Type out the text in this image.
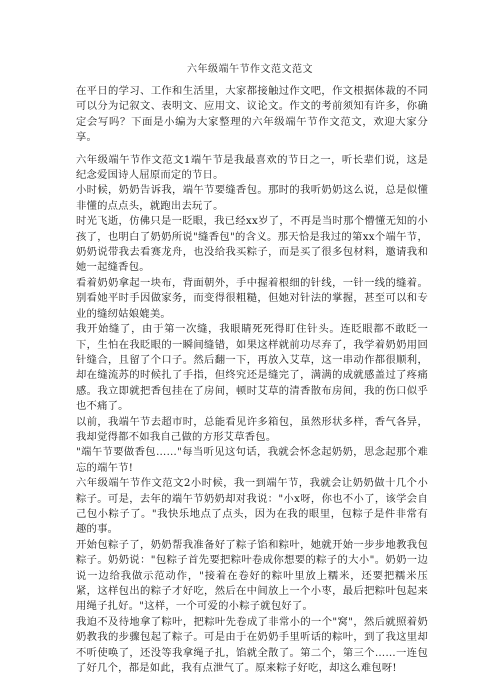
六年级端午节作文范文范文

在平日的学习、工作和生活里，大家都接触过作文吧，作文根据体裁的不同可以分为记叙文、表明文、应用文、议论文。作文的考前须知有许多，你确定会写吗？下面是小编为大家整理的六年级端午节作文范文，欢迎大家分享。

六年级端午节作文范文1端午节是我最喜欢的节日之一，听长辈们说，这是纪念爱国诗人屈原而定的节日。

小时候，奶奶告诉我，端午节要缝香包。那时的我听奶奶这么说，总是似懂非懂的点点头，就跑出去玩了。

时光飞逝，仿佛只是一眨眼，我已经xx岁了，不再是当时那个懵懂无知的小孩了，也明白了奶奶所说"缝香包"的含义。那天恰是我过的第xx个端午节，奶奶说带我去看赛龙舟，也没给我买粽子，而是买了很多包材料，邀请我和她一起缝香包。

看着奶奶拿起一块布，背面朝外，手中握着根细的针线，一针一线的缝着。别看她平时手因做家务，而变得很粗糙，但她对针法的掌握，甚至可以和专业的缝纫姑娘媲美。

我开始缝了，由于第一次缝，我眼睛死死得盯住针头。连眨眼都不敢眨一下，生怕在我眨眼的一瞬间缝错，如果这样就前功尽弃了，我学着奶奶用回针缝合，且留了个口子。然后翻一下，再放入艾草，这一串动作都很顺利，却在缝流苏的时候扎了手指，但终究还是缝完了，满满的成就感盖过了疼痛感。我立即就把香包挂在了房间，顿时艾草的清香散布房间，我的伤口似乎也不痛了。

以前，我端午节去超市时，总能看见许多箱包，虽然形状多样，香气各异，我却觉得都不如我自己做的方形艾草香包。

"端午节要做香包……"每当听见这句话，我就会怀念起奶奶，思念起那个难忘的端午节!

六年级端午节作文范文2小时候，我一到端午节，我就会让奶奶做十几个小粽子。可是，去年的端午节奶奶却对我说："小x呀，你也不小了，该学会自己包小粽子了。"我快乐地点了点头，因为在我的眼里，包粽子是件非常有趣的事。

开始包粽子了，奶奶帮我准备好了粽子馅和粽叶，她就开始一步步地教我包粽子。奶奶说："包粽子首先要把粽叶卷成你想要的粽子的大小"。奶奶一边说一边给我做示范动作，"接着在卷好的粽叶里放上糯米，还要把糯米压紧，这样包出的粽子才好吃，然后在中间放上一个小枣，最后把粽叶包起来用绳子扎好。"这样，一个可爱的小粽子就包好了。

我迫不及待地拿了粽叶，把粽叶先卷成了非常小的一个"窝"，然后就照着奶奶教我的步骤包起了粽子。可是由于在奶奶手里听话的粽叶，到了我这里却不听使唤了，还没等我拿绳子扎，馅就全散了。第二个，第三个……一连包了好几个，都是如此，我有点泄气了。原来粽子好吃，却这么难包呀!
